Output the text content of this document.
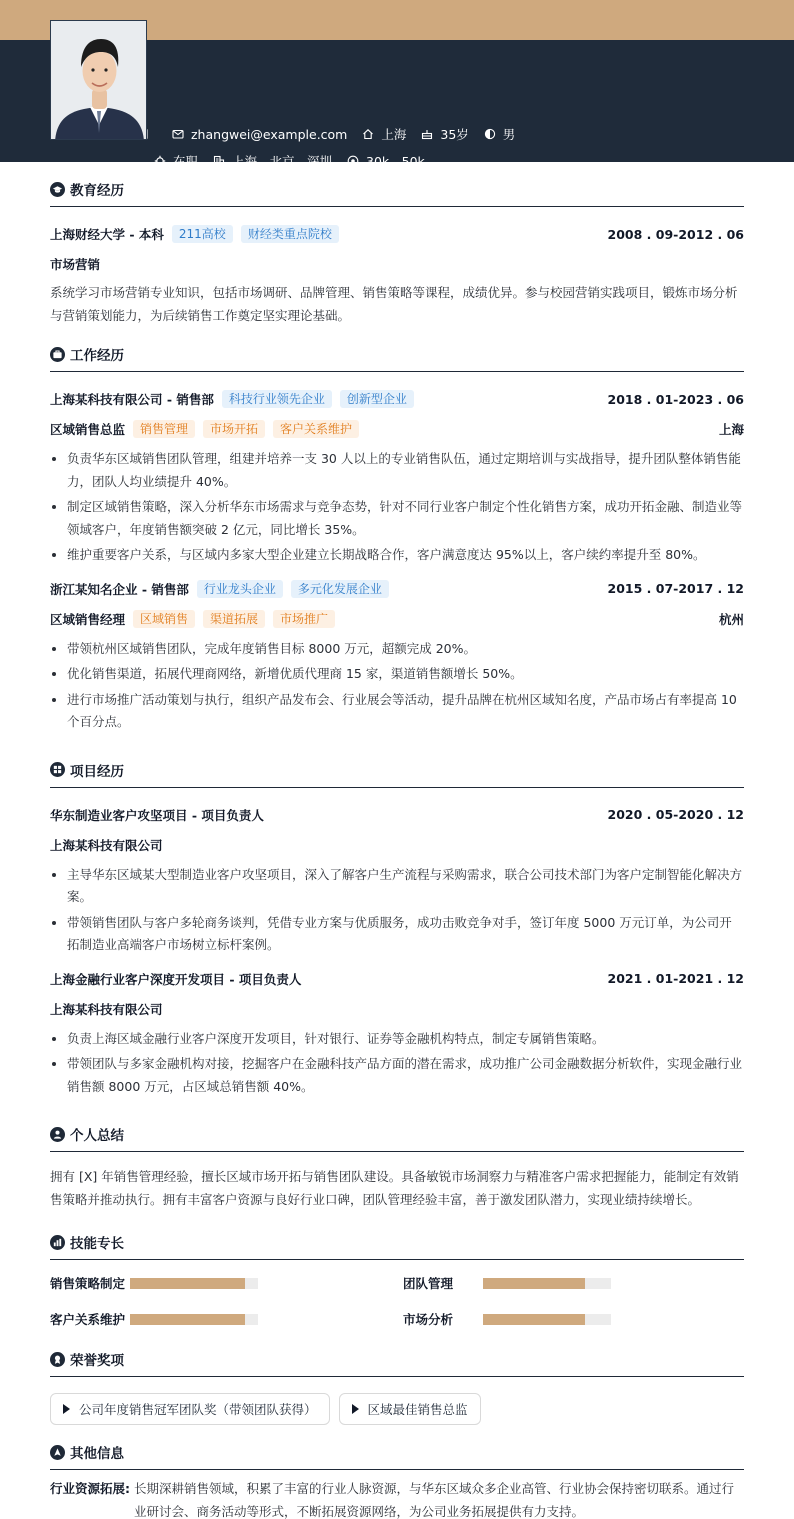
zhangwei@example.com	上海	35岁	男
在职	上海、北京、深圳	30k - 50k
教育经历
上海财经大学 - 本科	211高校	财经类重点院校	2008 . 09-2012 . 06
市场营销

系统学习市场营销专业知识，包括市场调研、品牌管理、销售策略等课程，成绩优异。参与校园营销实践项目，锻炼市场分析与营销策划能力，为后续销售工作奠定坚实理论基础。

工作经历
上海某科技有限公司 - 销售部	科技行业领先企业	创新型企业	2018 . 01-2023 . 06
区域销售总监	销售管理	市场开拓	客户关系维护	上海
负责华东区域销售团队管理，组建并培养一支 30 人以上的专业销售队伍，通过定期培训与实战指导，提升团队整体销售能力，团队人均业绩提升 40%。
制定区域销售策略，深入分析华东市场需求与竞争态势，针对不同行业客户制定个性化销售方案，成功开拓金融、制造业等领域客户，年度销售额突破 2 亿元，同比增长 35%。
维护重要客户关系，与区域内多家大型企业建立长期战略合作，客户满意度达 95%以上，客户续约率提升至 80%。
浙江某知名企业 - 销售部	行业龙头企业	多元化发展企业	2015 . 07-2017 . 12
区域销售经理	区域销售	渠道拓展	市场推广	杭州
带领杭州区域销售团队，完成年度销售目标 8000 万元，超额完成 20%。
优化销售渠道，拓展代理商网络，新增优质代理商 15 家，渠道销售额增长 50%。
进行市场推广活动策划与执行，组织产品发布会、行业展会等活动，提升品牌在杭州区域知名度，产品市场占有率提高 10 个百分点。
项目经历
华东制造业客户攻坚项目 - 项目负责人	2020 . 05-2020 . 12
上海某科技有限公司
主导华东区域某大型制造业客户攻坚项目，深入了解客户生产流程与采购需求，联合公司技术部门为客户定制智能化解决方案。
带领销售团队与客户多轮商务谈判，凭借专业方案与优质服务，成功击败竞争对手，签订年度 5000 万元订单，为公司开拓制造业高端客户市场树立标杆案例。
上海金融行业客户深度开发项目 - 项目负责人	2021 . 01-2021 . 12
上海某科技有限公司
负责上海区域金融行业客户深度开发项目，针对银行、证券等金融机构特点，制定专属销售策略。
带领团队与多家金融机构对接，挖掘客户在金融科技产品方面的潜在需求，成功推广公司金融数据分析软件，实现金融行业销售额 8000 万元，占区域总销售额 40%。
个人总结

拥有 [X] 年销售管理经验，擅长区域市场开拓与销售团队建设。具备敏锐市场洞察力与精准客户需求把握能力，能制定有效销售策略并推动执行。拥有丰富客户资源与良好行业口碑，团队管理经验丰富，善于激发团队潜力，实现业绩持续增长。

技能专长
销售策略制定	团队管理
客户关系维护	市场分析
荣誉奖项
公司年度销售冠军团队奖（带领团队获得）	区域最佳销售总监
其他信息
行业资源拓展: 长期深耕销售领域，积累了丰富的行业人脉资源，与华东区域众多企业高管、行业协会保持密切联系。通过行业研讨会、商务活动等形式，不断拓展资源网络，为公司业务拓展提供有力支持。
